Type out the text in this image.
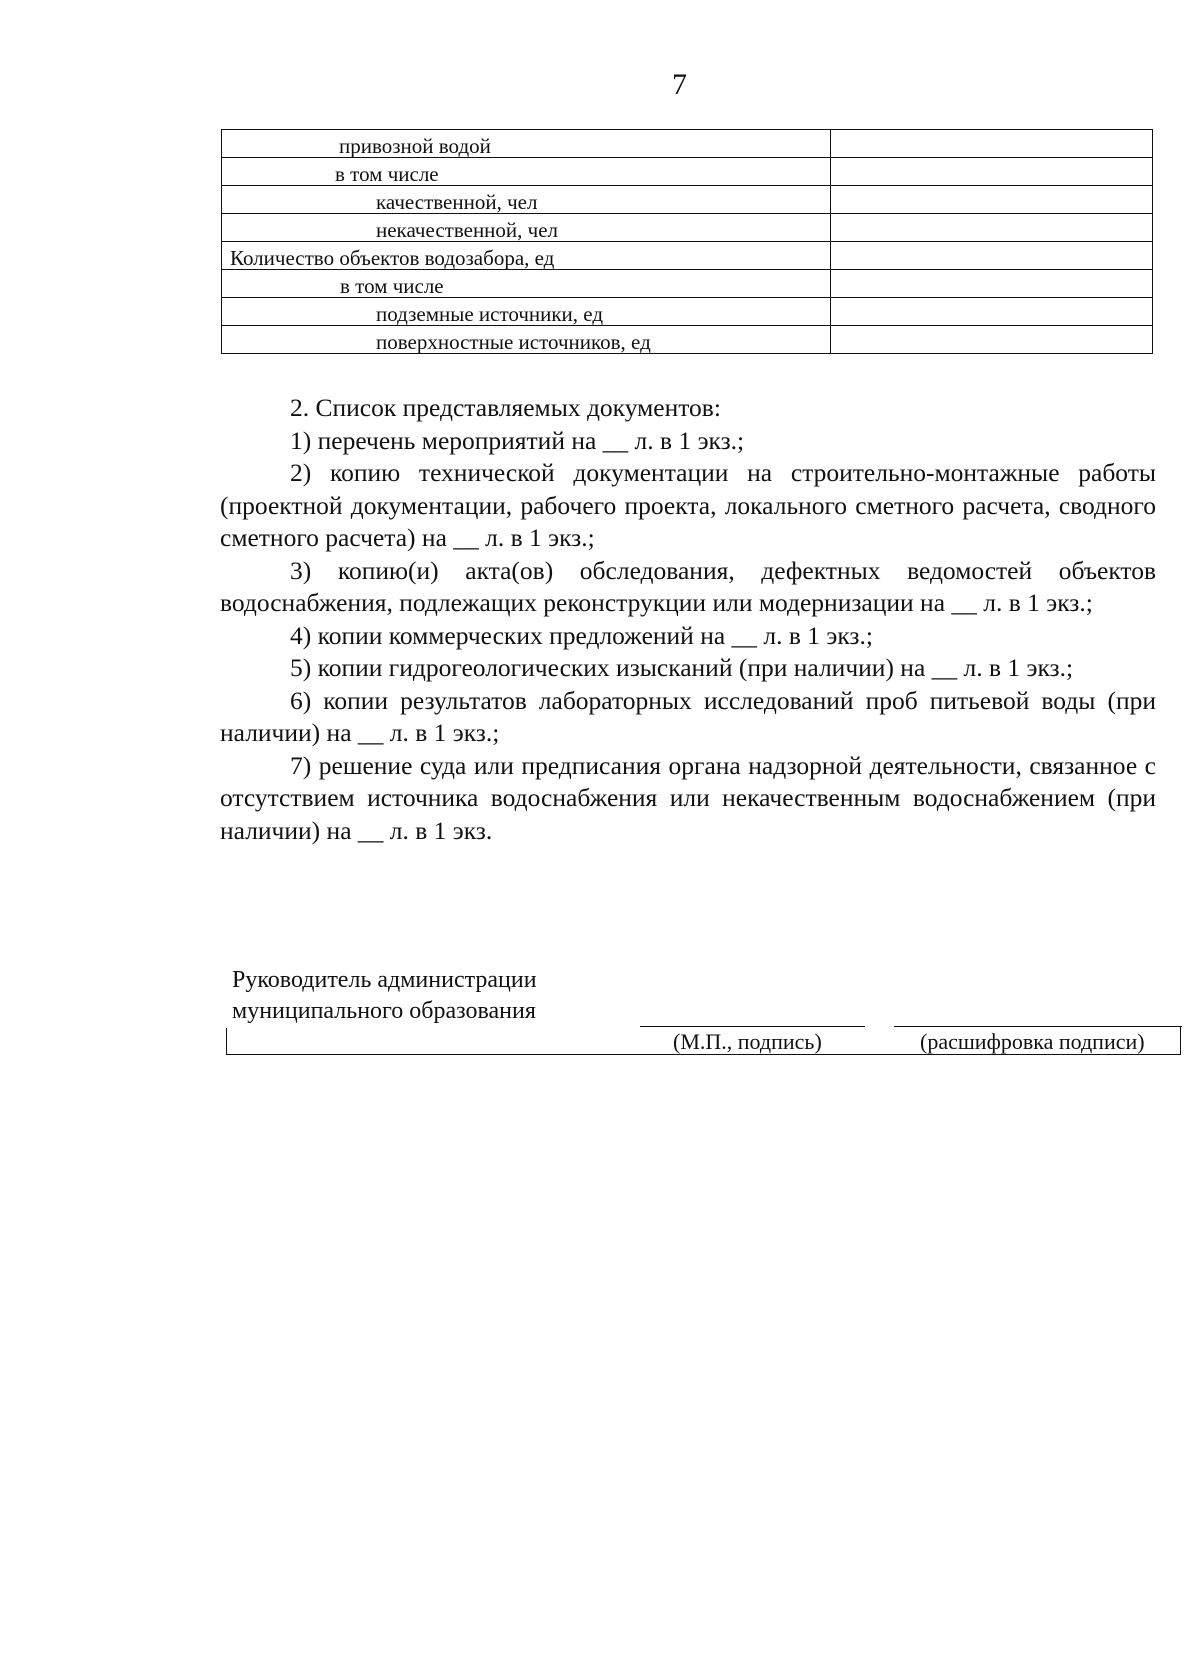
7
привозной водой	
в том числе	
качественной, чел	
некачественной, чел	
Количество объектов водозабора, ед	
в том числе	
подземные источники, ед	
поверхностные источников, ед	

2. Список представляемых документов:

1) перечень мероприятий на __ л. в 1 экз.;

2) копию технической документации на строительно-монтажные работы (проектной документации, рабочего проекта, локального сметного расчета, сводного сметного расчета) на __ л. в 1 экз.;

3) копию(и) акта(ов) обследования, дефектных ведомостей объектов водоснабжения, подлежащих реконструкции или модернизации на __ л. в 1 экз.;

4) копии коммерческих предложений на __ л. в 1 экз.;

5) копии гидрогеологических изысканий (при наличии) на __ л. в 1 экз.;

6) копии результатов лабораторных исследований проб питьевой воды (при наличии) на __ л. в 1 экз.;

7) решение суда или предписания органа надзорной деятельности, связанное с отсутствием источника водоснабжения или некачественным водоснабжением (при наличии) на __ л. в 1 экз.

Руководитель администрации
муниципального образования
(М.П., подпись)	(расшифровка подписи)
